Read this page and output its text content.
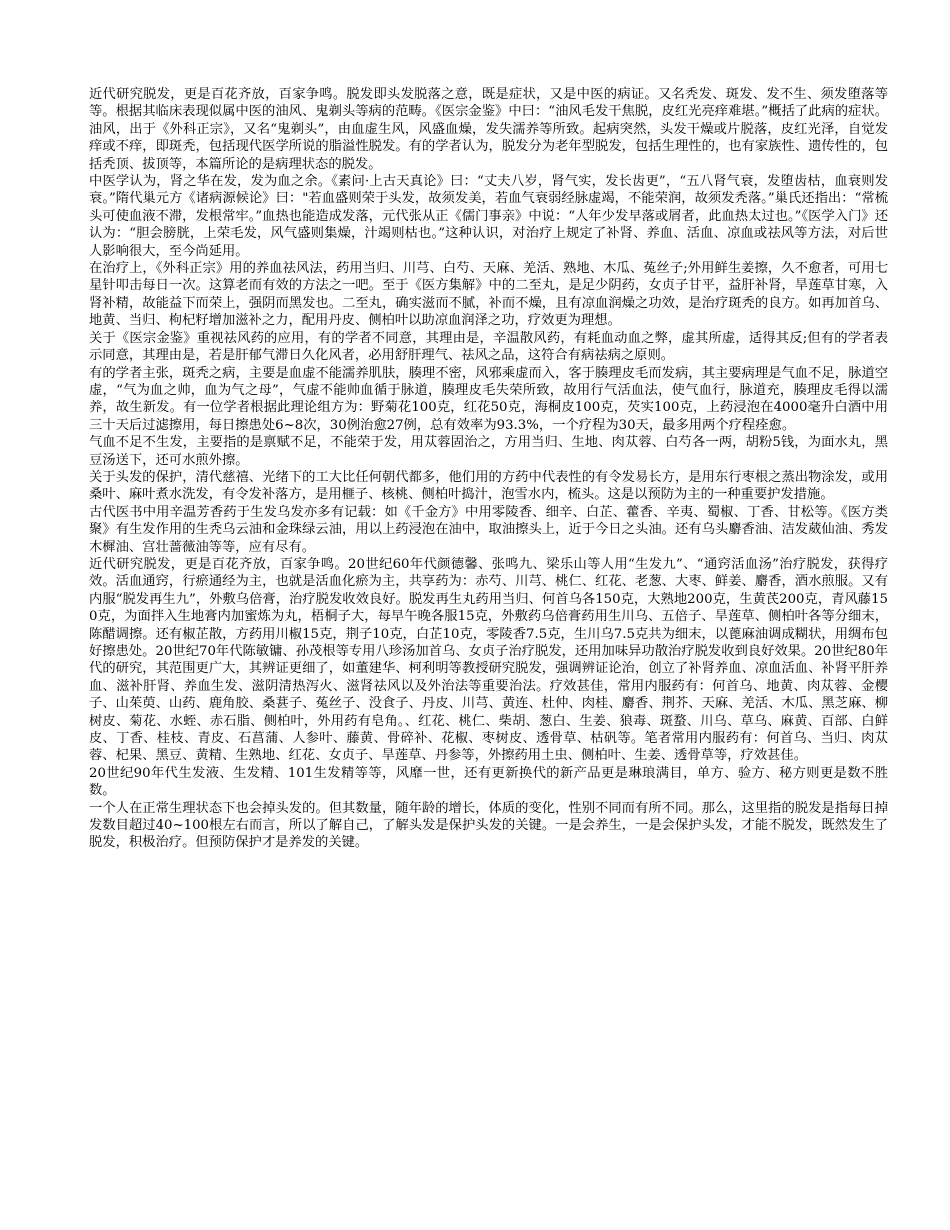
近代研究脱发，更是百花齐放，百家争鸣。脱发即头发脱落之意，既是症状，又是中医的病证。又名秃发、斑发、发不生、须发堕落等等。根据其临床表现似属中医的油风、鬼剃头等病的范畴。《医宗金鉴》中曰：“油风毛发干焦脱，皮红光亮痒难堪。”概括了此病的症状。油风，出于《外科正宗》，又名“鬼剃头”，由血虚生风，风盛血燥，发失濡养等所致。起病突然，头发干燥或片脱落，皮红光泽，自觉发痒或不痒，即斑秃，包括现代医学所说的脂溢性脱发。有的学者认为，脱发分为老年型脱发，包括生理性的，也有家族性、遗传性的，包括秃顶、拔顶等，本篇所论的是病理状态的脱发。

中医学认为，肾之华在发，发为血之余。《素问·上古天真论》曰：“丈夫八岁，肾气实，发长齿更”，“五八肾气衰，发堕齿枯，血衰则发衰。”隋代巢元方《诸病源候论》曰："若血盛则荣于头发，故须发美，若血气衰弱经脉虚竭，不能荣润，故须发秃落。”巢氏还指出：“常梳头可使血液不滞，发根常牢。”血热也能造成发落，元代张从正《儒门事亲》中说：“人年少发早落或屑者，此血热太过也。”《医学入门》还认为：“胆会膀胱，上荣毛发，风气盛则集燥，汁竭则枯也。”这种认识，对治疗上规定了补肾、养血、活血、凉血或祛风等方法，对后世人影响很大，至今尚延用。

在治疗上，《外科正宗》用的养血祛风法，药用当归、川芎、白芍、天麻、羌活、熟地、木瓜、菟丝子;外用鲜生姜擦，久不愈者，可用七星针叩击每日一次。这算老而有效的方法之一吧。至于《医方集解》中的二至丸，是足少阴药，女贞子甘平，益肝补肾，旱莲草甘寒，入肾补精，故能益下而荣上，强阴而黑发也。二至丸，确实滋而不腻，补而不燥，且有凉血润燥之功效，是治疗斑秃的良方。如再加首乌、地黄、当归、枸杞籽增加滋补之力，配用丹皮、侧柏叶以助凉血润泽之功，疗效更为理想。

关于《医宗金鉴》重视祛风药的应用，有的学者不同意，其理由是，辛温散风药，有耗血动血之弊，虚其所虚，适得其反;但有的学者表示同意，其理由是，若是肝郁气滞日久化风者，必用舒肝理气、祛风之品，这符合有病祛病之原则。

有的学者主张，斑秃之病，主要是血虚不能濡养肌肤，腠理不密，风邪乘虚而入，客于腠理皮毛而发病，其主要病理是气血不足，脉道空虚，“气为血之帅，血为气之母”，气虚不能帅血循于脉道，腠理皮毛失荣所致，故用行气活血法，使气血行，脉道充，腠理皮毛得以濡养，故生新发。有一位学者根据此理论组方为：野菊花100克，红花50克，海桐皮100克，芡实100克，上药浸泡在4000毫升白酒中用三十天后过滤擦用，每日擦患处6~8次，30例治愈27例，总有效率为93.3%，一个疗程为30天，最多用两个疗程痊愈。

气血不足不生发，主要指的是禀赋不足，不能荣于发，用苁蓉固治之，方用当归、生地、肉苁蓉、白芍各一两，胡粉5钱，为面水丸，黑豆汤送下，还可水煎外擦。

关于头发的保护，清代慈禧、光绪下的工大比任何朝代都多，他们用的方药中代表性的有令发易长方，是用东行枣根之蒸出物涂发，或用桑叶、麻叶煮水洗发，有令发补落方，是用榧子、核桃、侧柏叶捣汁，泡雪水内，梳头。这是以预防为主的一种重要护发措施。

古代医书中用辛温芳香药于生发乌发亦多有记载：如《千金方》中用零陵香、细辛、白芷、藿香、辛夷、蜀椒、丁香、甘松等。《医方类聚》有生发作用的生秃乌云油和金珠绿云油，用以上药浸泡在油中，取油擦头上，近于今日之头油。还有乌头麝香油、洁发葳仙油、秀发木樨油、宫壮蔷薇油等等，应有尽有。

近代研究脱发，更是百花齐放，百家争鸣。20世纪60年代颜德馨、张鸣九、梁乐山等人用“生发九”、“通窍活血汤”治疗脱发，获得疗效。活血通窍，行瘀通经为主，也就是活血化瘀为主，共享药为：赤芍、川芎、桃仁、红花、老葱、大枣、鲜姜、麝香，酒水煎服。又有内服“脱发再生九”，外敷乌倍膏，治疗脱发收效良好。脱发再生丸药用当归、何首乌各150克，大熟地200克，生黄芪200克，青风藤150克，为面拌入生地膏内加蜜炼为丸，梧桐子大，每早午晚各服15克，外敷药乌倍膏药用生川乌、五倍子、旱莲草、侧柏叶各等分细末，陈醋调擦。还有椒芷散，方药用川椒15克，荆子10克，白芷10克，零陵香7.5克，生川乌7.5克共为细末，以蓖麻油调成糊状，用绸布包好擦患处。20世纪70年代陈敏镛、孙茂根等专用八珍汤加首乌、女贞子治疗脱发，还用加味异功散治疗脱发收到良好效果。20世纪80年代的研究，其范围更广大，其辨证更细了，如董建华、柯利明等教授研究脱发，强调辨证论治，创立了补肾养血、凉血活血、补肾平肝养血、滋补肝肾、养血生发、滋阴清热泻火、滋肾祛风以及外治法等重要治法。疗效甚佳，常用内服药有：何首乌、地黄、肉苁蓉、金樱子、山茱萸、山药、鹿角胶、桑葚子、菟丝子、没食子、丹皮、川芎、黄连、杜仲、肉桂、麝香、荆芥、天麻、羌活、木瓜、黑芝麻、柳树皮、菊花、水蛭、赤石脂、侧柏叶，外用药有皂角。、红花、桃仁、柴胡、葱白、生姜、狼毒、斑蝥、川乌、草乌、麻黄、百部、白鲜皮、丁香、桂枝、青皮、石菖蒲、人参叶、藤黄、骨碎补、花椒、枣树皮、透骨草、枯矾等。笔者常用内服药有：何首乌、当归、肉苁蓉、杞果、黑豆、黄精、生熟地、红花、女贞子、旱莲草、丹参等，外擦药用土虫、侧柏叶、生姜、透骨草等，疗效甚佳。

20世纪90年代生发液、生发精、101生发精等等，风靡一世，还有更新换代的新产品更是琳琅满目，单方、验方、秘方则更是数不胜数。

一个人在正常生理状态下也会掉头发的。但其数量，随年龄的增长，体质的变化，性别不同而有所不同。那么，这里指的脱发是指每日掉发数目超过40~100根左右而言，所以了解自己，了解头发是保护头发的关键。一是会养生，一是会保护头发，才能不脱发，既然发生了脱发，积极治疗。但预防保护才是养发的关键。
